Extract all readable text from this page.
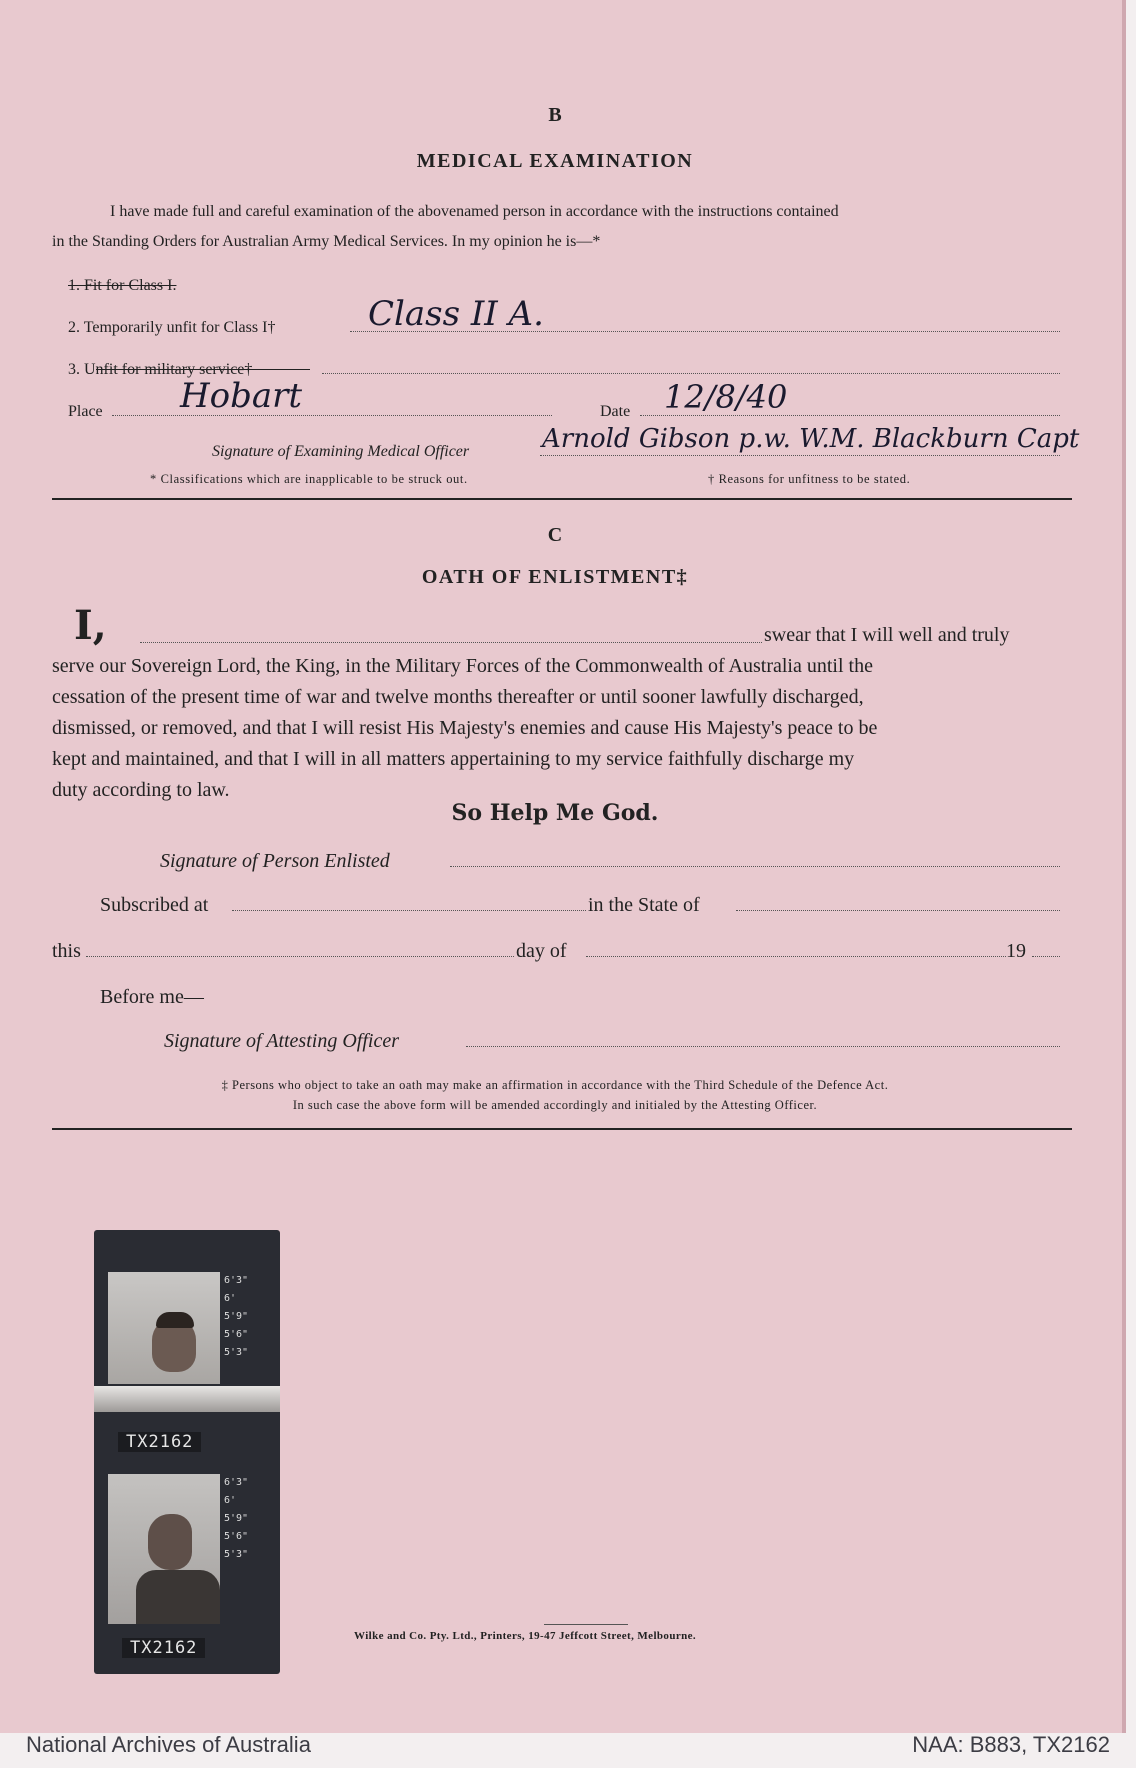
B
MEDICAL EXAMINATION
I have made full and careful examination of the abovenamed person in accordance with the instructions contained
in the Standing Orders for Australian Army Medical Services. In my opinion he is—*
1. Fit for Class I.
2. Temporarily unfit for Class I†	Class II A.
3. Unfit for military service†
Place Hobart	Date 12/8/40
Signature of Examining Medical Officer	Arnold Gibson p.w. W.M. Blackburn Capt
* Classifications which are inapplicable to be struck out.	† Reasons for unfitness to be stated.
C
OATH OF ENLISTMENT‡
I,	swear that I will well and truly
serve our Sovereign Lord, the King, in the Military Forces of the Commonwealth of Australia until the
cessation of the present time of war and twelve months thereafter or until sooner lawfully discharged,
dismissed, or removed, and that I will resist His Majesty's enemies and cause His Majesty's peace to be
kept and maintained, and that I will in all matters appertaining to my service faithfully discharge my
duty according to law.
So Help Me God.
Signature of Person Enlisted
Subscribed at	in the State of
this	day of	19
Before me—
Signature of Attesting Officer
‡ Persons who object to take an oath may make an affirmation in accordance with the Third Schedule of the Defence Act.
In such case the above form will be amended accordingly and initialed by the Attesting Officer.
6'3"
6'
5'9"
5'6"
5'3"
TX2162
6'3"
6'
5'9"
5'6"
5'3"
TX2162
Wilke and Co. Pty. Ltd., Printers, 19-47 Jeffcott Street, Melbourne.
National Archives of Australia	NAA: B883, TX2162
